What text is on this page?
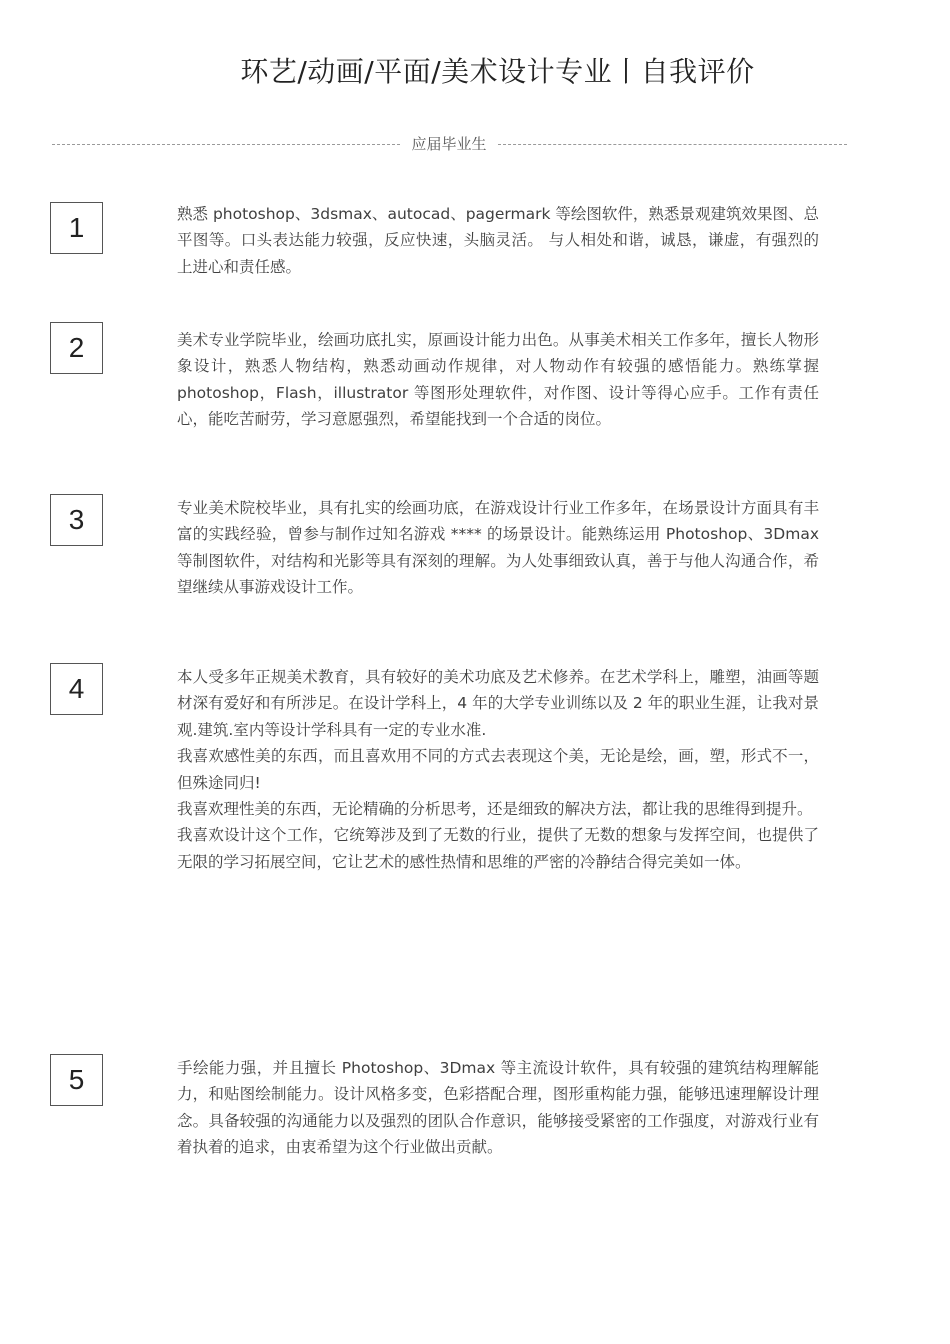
环艺/动画/平面/美术设计专业丨自我评价
应届毕业生
1	熟悉 photoshop、3dsmax、autocad、pagermark 等绘图软件，熟悉景观建筑效果图、总平图等。口头表达能力较强，反应快速，头脑灵活。 与人相处和谐，诚恳，谦虚，有强烈的 上进心和责任感。

2	美术专业学院毕业，绘画功底扎实，原画设计能力出色。从事美术相关工作多年，擅长人物形象设计，熟悉人物结构，熟悉动画动作规律，对人物动作有较强的感悟能力。熟练掌握 photoshop，Flash，illustrator 等图形处理软件，对作图、设计等得心应手。工作有责任心，能吃苦耐劳，学习意愿强烈，希望能找到一个合适的岗位。

3	专业美术院校毕业，具有扎实的绘画功底，在游戏设计行业工作多年，在场景设计方面具有丰富的实践经验，曾参与制作过知名游戏 **** 的场景设计。能熟练运用 Photoshop、3Dmax 等制图软件，对结构和光影等具有深刻的理解。为人处事细致认真，善于与他人沟通合作，希望继续从事游戏设计工作。

4	本人受多年正规美术教育，具有较好的美术功底及艺术修养。在艺术学科上，雕塑，油画等题材深有爱好和有所涉足。在设计学科上，4 年的大学专业训练以及 2 年的职业生涯，让我对景观.建筑.室内等设计学科具有一定的专业水准.

我喜欢感性美的东西，而且喜欢用不同的方式去表现这个美，无论是绘，画，塑，形式不一，但殊途同归!

我喜欢理性美的东西，无论精确的分析思考，还是细致的解决方法，都让我的思维得到提升。

我喜欢设计这个工作，它统筹涉及到了无数的行业，提供了无数的想象与发挥空间，也提供了无限的学习拓展空间，它让艺术的感性热情和思维的严密的冷静结合得完美如一体。

5	手绘能力强，并且擅长 Photoshop、3Dmax 等主流设计软件，具有较强的建筑结构理解能力，和贴图绘制能力。设计风格多变，色彩搭配合理，图形重构能力强，能够迅速理解设计理念。具备较强的沟通能力以及强烈的团队合作意识，能够接受紧密的工作强度，对游戏行业有着执着的追求，由衷希望为这个行业做出贡献。
